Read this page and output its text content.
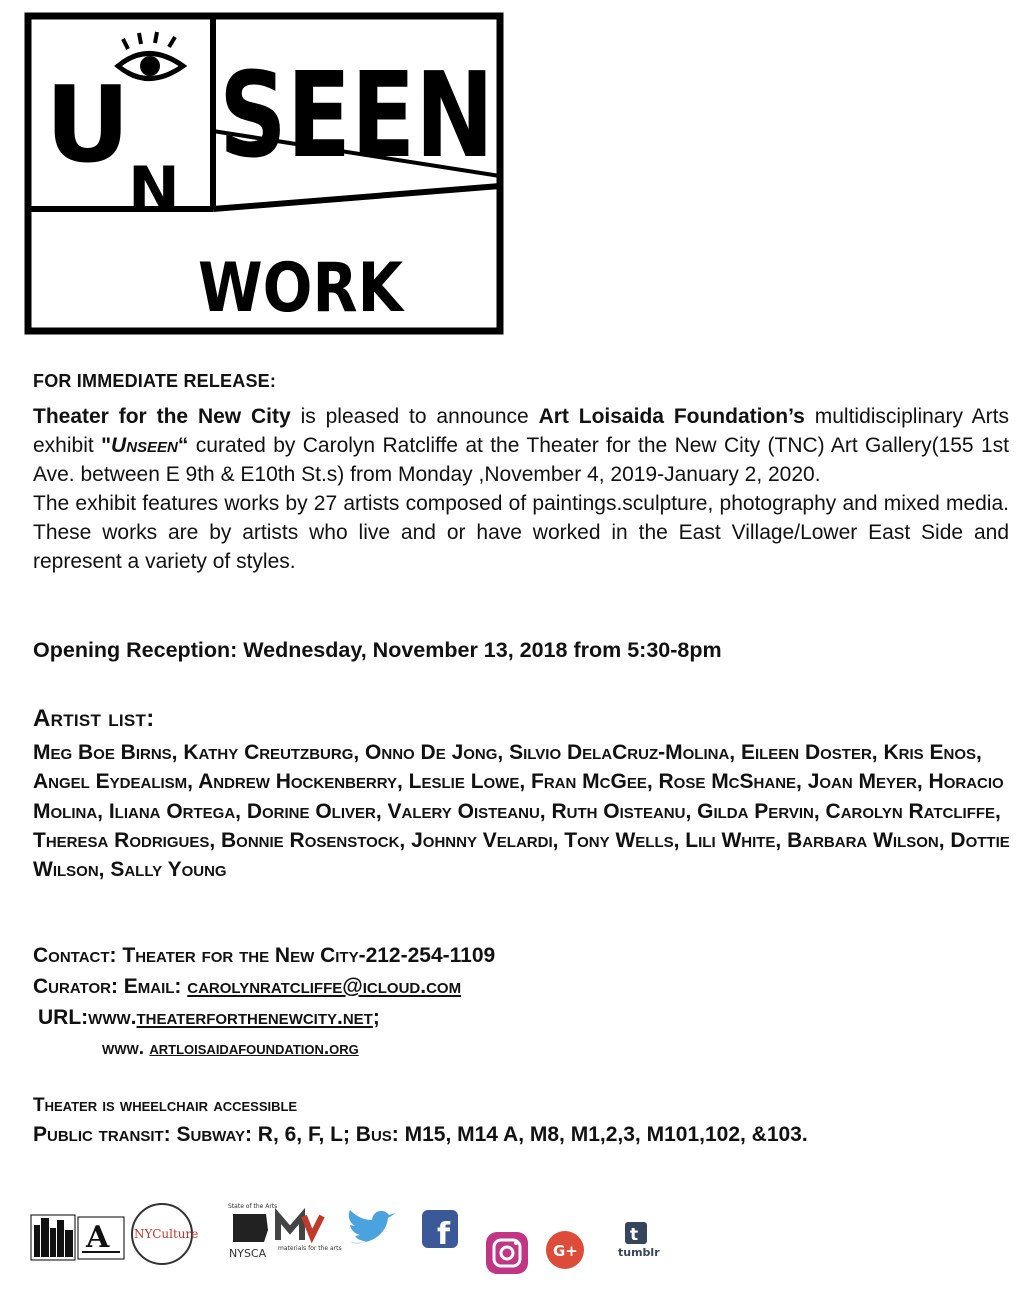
U
N
SEEN
WORK
FOR IMMEDIATE RELEASE:
Theater for the New City is pleased to announce Art Loisaida Foundation’s multidisciplinary Arts exhibit "Unseen“ curated by Carolyn Ratcliffe at the Theater for the New City (TNC) Art Gallery(155 1st Ave. between E 9th & E10th St.s) from Monday ,November 4, 2019-January 2, 2020.
The exhibit features works by 27 artists composed of paintings.sculpture, photography and mixed media. These works are by artists who live and or have worked in the East Village/Lower East Side and represent a variety of styles.
Opening Reception: Wednesday, November 13, 2018 from 5:30-8pm
Artist list:
Meg Boe Birns, Kathy Creutzburg, Onno De Jong, Silvio DelaCruz-Molina, Eileen Doster, Kris Enos, Angel Eydealism, Andrew Hockenberry, Leslie Lowe, Fran McGee, Rose McShane, Joan Meyer, Horacio Molina, Iliana Ortega, Dorine Oliver, Valery Oisteanu, Ruth Oisteanu, Gilda Pervin, Carolyn Ratcliffe, Theresa Rodrigues, Bonnie Rosenstock, Johnny Velardi, Tony Wells, Lili White, Barbara Wilson, Dottie Wilson, Sally Young
Contact: Theater for the New City-212-254-1109
Curator: Email: carolynratcliffe@icloud.com
URL:www.theaterforthenewcity.net;
www. artloisaidafoundation.org
Theater is wheelchair accessible
Public transit: Subway: R, 6, F, L; Bus: M15, M14 A, M8, M1,2,3, M101,102, &103.
A NYCulture
State of the Arts
NYSCA materials for the arts	f	G+
t
tumblr
